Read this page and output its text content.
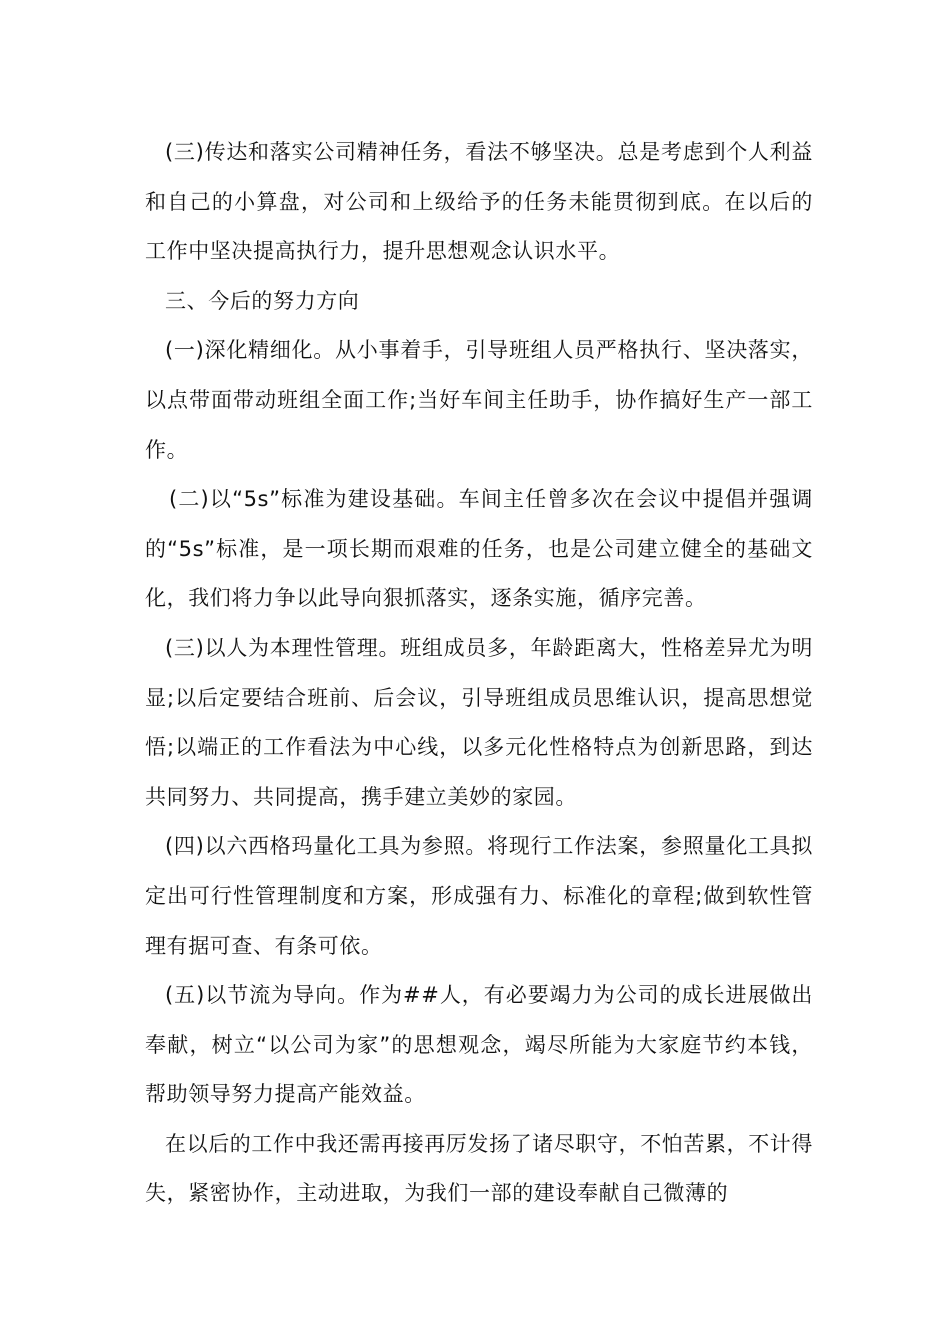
(三)传达和落实公司精神任务，看法不够坚决。总是考虑到个人利益和自己的小算盘，对公司和上级给予的任务未能贯彻到底。在以后的工作中坚决提高执行力，提升思想观念认识水平。

三、今后的努力方向

(一)深化精细化。从小事着手，引导班组人员严格执行、坚决落实，以点带面带动班组全面工作;当好车间主任助手，协作搞好生产一部工作。

(二)以“5s”标准为建设基础。车间主任曾多次在会议中提倡并强调的“5s”标准，是一项长期而艰难的任务，也是公司建立健全的基础文化，我们将力争以此导向狠抓落实，逐条实施，循序完善。

(三)以人为本理性管理。班组成员多，年龄距离大，性格差异尤为明显;以后定要结合班前、后会议，引导班组成员思维认识，提高思想觉悟;以端正的工作看法为中心线，以多元化性格特点为创新思路，到达共同努力、共同提高，携手建立美妙的家园。

(四)以六西格玛量化工具为参照。将现行工作法案，参照量化工具拟定出可行性管理制度和方案，形成强有力、标准化的章程;做到软性管理有据可查、有条可依。

(五)以节流为导向。作为##人，有必要竭力为公司的成长进展做出奉献，树立“以公司为家”的思想观念，竭尽所能为大家庭节约本钱，帮助领导努力提高产能效益。

在以后的工作中我还需再接再厉发扬了诸尽职守，不怕苦累，不计得失，紧密协作，主动进取，为我们一部的建设奉献自己微薄的
